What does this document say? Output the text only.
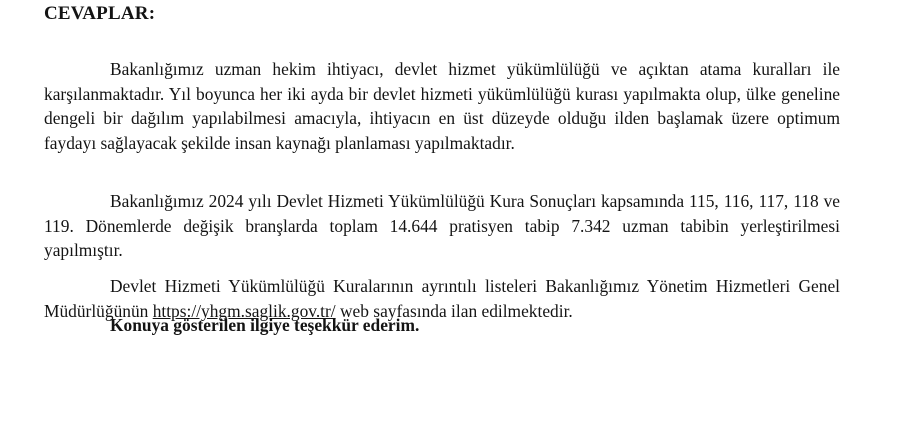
CEVAPLAR:

Bakanlığımız uzman hekim ihtiyacı, devlet hizmet yükümlülüğü ve açıktan atama kuralları ile karşılanmaktadır. Yıl boyunca her iki ayda bir devlet hizmeti yükümlülüğü kurası yapılmakta olup, ülke geneline dengeli bir dağılım yapılabilmesi amacıyla, ihtiyacın en üst düzeyde olduğu ilden başlamak üzere optimum faydayı sağlayacak şekilde insan kaynağı planlaması yapılmaktadır.

Bakanlığımız 2024 yılı Devlet Hizmeti Yükümlülüğü Kura Sonuçları kapsamında 115, 116, 117, 118 ve 119. Dönemlerde değişik branşlarda toplam 14.644 pratisyen tabip 7.342 uzman tabibin yerleştirilmesi yapılmıştır.

Devlet Hizmeti Yükümlülüğü Kuralarının ayrıntılı listeleri Bakanlığımız Yönetim Hizmetleri Genel Müdürlüğünün https://yhgm.saglik.gov.tr/ web sayfasında ilan edilmektedir.

Konuya gösterilen ilgiye teşekkür ederim.
